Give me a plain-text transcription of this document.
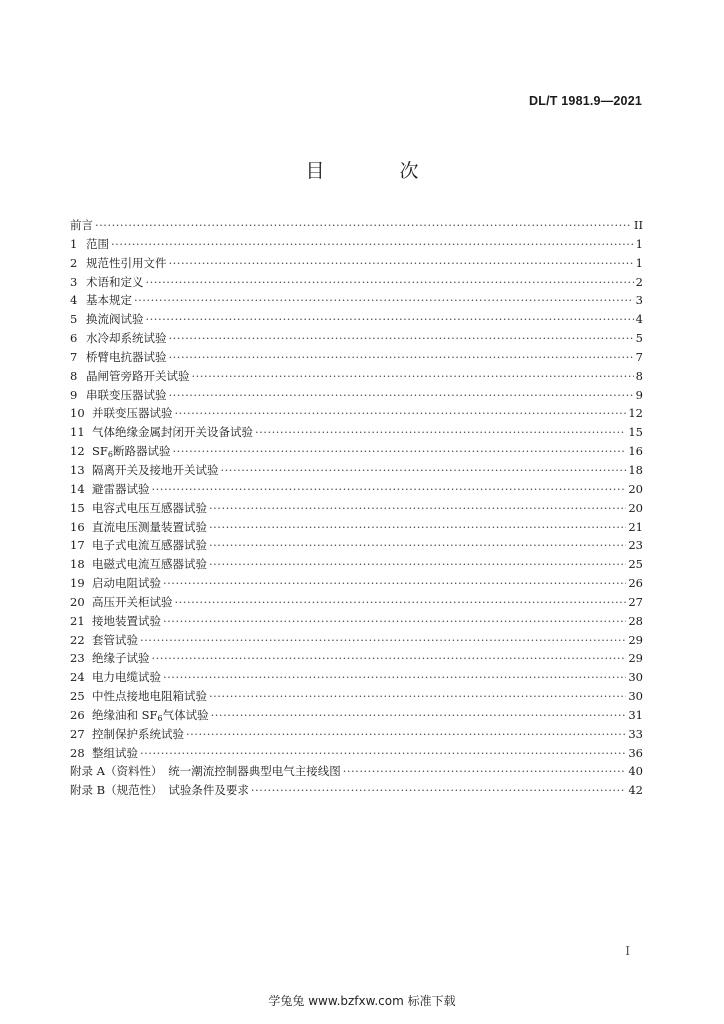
DL/T 1981.9—2021
目　次
前言 ·····	II
1 范围 ·····	1
2 规范性引用文件 ·····	1
3 术语和定义 ·····	2
4 基本规定 ·····	3
5 换流阀试验 ·····	4
6 水冷却系统试验 ·····	5
7 桥臂电抗器试验 ·····	7
8 晶闸管旁路开关试验 ·····	8
9 串联变压器试验 ·····	9
10 并联变压器试验 ·····	12
11 气体绝缘金属封闭开关设备试验 ·····	15
12 $SF_6$断路器试验 ·····	16
13 隔离开关及接地开关试验 ·····	18
14 避雷器试验 ·····	20
15 电容式电压互感器试验 ·····	20
16 直流电压测量装置试验 ·····	21
17 电子式电流互感器试验 ·····	23
18 电磁式电流互感器试验 ·····	25
19 启动电阻试验 ·····	26
20 高压开关柜试验 ·····	27
21 接地装置试验 ·····	28
22 套管试验 ·····	29
23 绝缘子试验 ·····	29
24 电力电缆试验 ·····	30
25 中性点接地电阻箱试验 ·····	30
26 绝缘油和 $SF_6$气体试验 ·····	31
27 控制保护系统试验 ·····	33
28 整组试验 ·····	36
附录 A（资料性）　统一潮流控制器典型电气主接线图 ·····	40
附录 B（规范性）　试验条件及要求 ·····	42
I
学兔兔 www.bzfxw.com 标准下载
